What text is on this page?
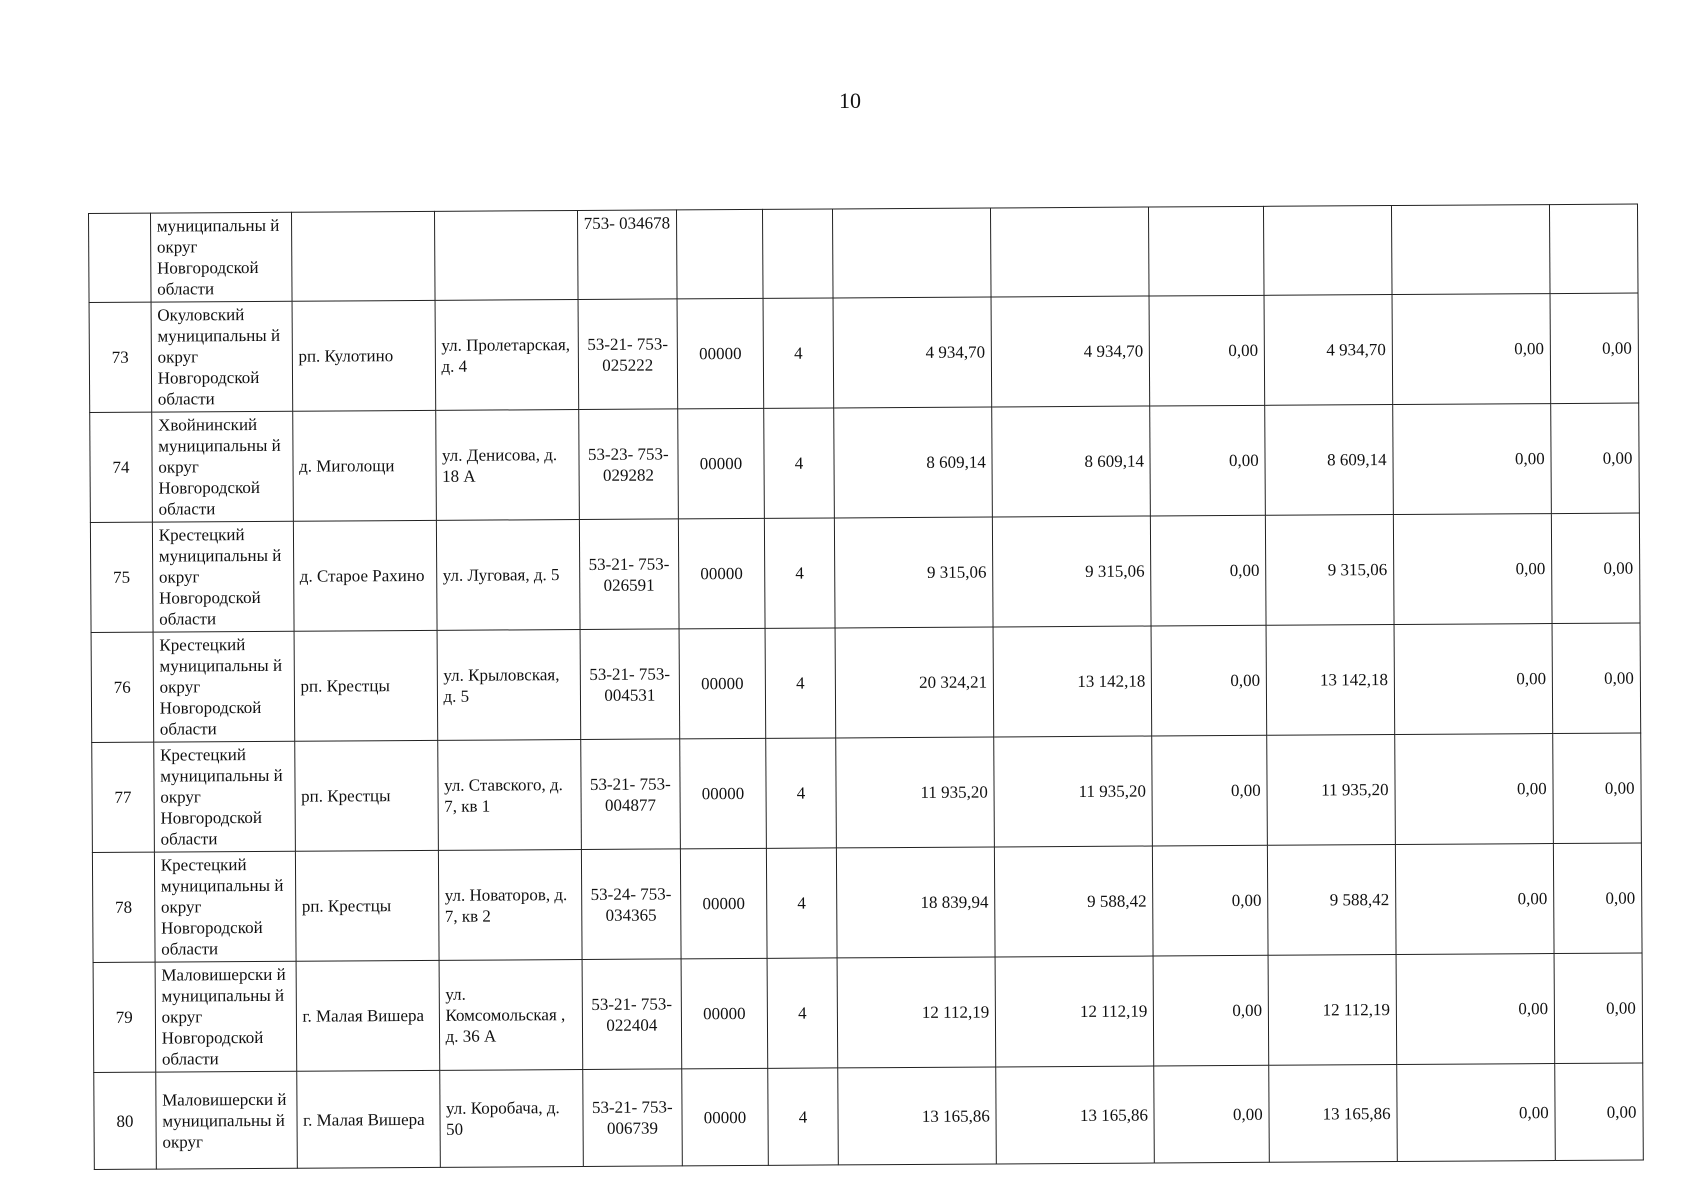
10
	муниципальны й округ Новгородской области			753- 034678								
73	Окуловский муниципальны й округ Новгородской области	рп. Кулотино	ул. Пролетарская, д. 4	53-21- 753- 025222	00000	4	4 934,70	4 934,70	0,00	4 934,70	0,00	0,00
74	Хвойнинский муниципальны й округ Новгородской области	д. Миголощи	ул. Денисова, д. 18 А	53-23- 753- 029282	00000	4	8 609,14	8 609,14	0,00	8 609,14	0,00	0,00
75	Крестецкий муниципальны й округ Новгородской области	д. Старое Рахино	ул. Луговая, д. 5	53-21- 753- 026591	00000	4	9 315,06	9 315,06	0,00	9 315,06	0,00	0,00
76	Крестецкий муниципальны й округ Новгородской области	рп. Крестцы	ул. Крыловская, д. 5	53-21- 753- 004531	00000	4	20 324,21	13 142,18	0,00	13 142,18	0,00	0,00
77	Крестецкий муниципальны й округ Новгородской области	рп. Крестцы	ул. Ставского, д. 7, кв 1	53-21- 753- 004877	00000	4	11 935,20	11 935,20	0,00	11 935,20	0,00	0,00
78	Крестецкий муниципальны й округ Новгородской области	рп. Крестцы	ул. Новаторов, д. 7, кв 2	53-24- 753- 034365	00000	4	18 839,94	9 588,42	0,00	9 588,42	0,00	0,00
79	Маловишерски й муниципальны й округ Новгородской области	г. Малая Вишера	ул. Комсомольская , д. 36 А	53-21- 753- 022404	00000	4	12 112,19	12 112,19	0,00	12 112,19	0,00	0,00
80	Маловишерски й муниципальны й округ	г. Малая Вишера	ул. Коробача, д. 50	53-21- 753- 006739	00000	4	13 165,86	13 165,86	0,00	13 165,86	0,00	0,00
